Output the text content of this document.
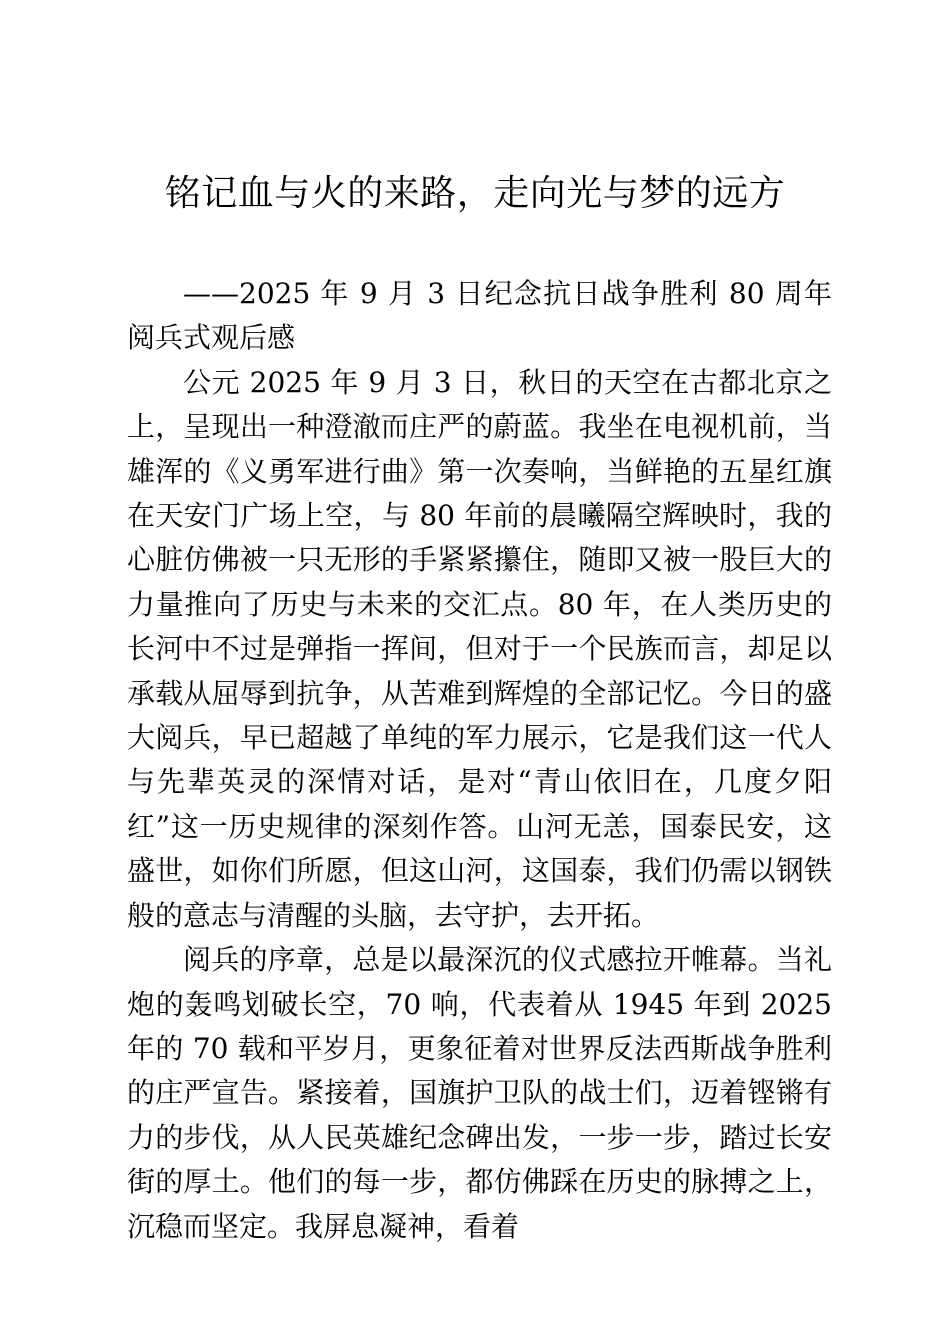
铭记血与火的来路，走向光与梦的远方

——2025 年 9 月 3 日纪念抗日战争胜利 80 周年阅兵式观后感

公元 2025 年 9 月 3 日，秋日的天空在古都北京之上，呈现出一种澄澈而庄严的蔚蓝。我坐在电视机前，当雄浑的《义勇军进行曲》第一次奏响，当鲜艳的五星红旗在天安门广场上空，与 80 年前的晨曦隔空辉映时，我的心脏仿佛被一只无形的手紧紧攥住，随即又被一股巨大的力量推向了历史与未来的交汇点。80 年，在人类历史的长河中不过是弹指一挥间，但对于一个民族而言，却足以承载从屈辱到抗争，从苦难到辉煌的全部记忆。今日的盛大阅兵，早已超越了单纯的军力展示，它是我们这一代人与先辈英灵的深情对话，是对“青山依旧在，几度夕阳红”这一历史规律的深刻作答。山河无恙，国泰民安，这盛世，如你们所愿，但这山河，这国泰，我们仍需以钢铁般的意志与清醒的头脑，去守护，去开拓。

阅兵的序章，总是以最深沉的仪式感拉开帷幕。当礼炮的轰鸣划破长空，70 响，代表着从 1945 年到 2025 年的 70 载和平岁月，更象征着对世界反法西斯战争胜利的庄严宣告。紧接着，国旗护卫队的战士们，迈着铿锵有力的步伐，从人民英雄纪念碑出发，一步一步，踏过长安街的厚土。他们的每一步，都仿佛踩在历史的脉搏之上，沉稳而坚定。我屏息凝神，看着
